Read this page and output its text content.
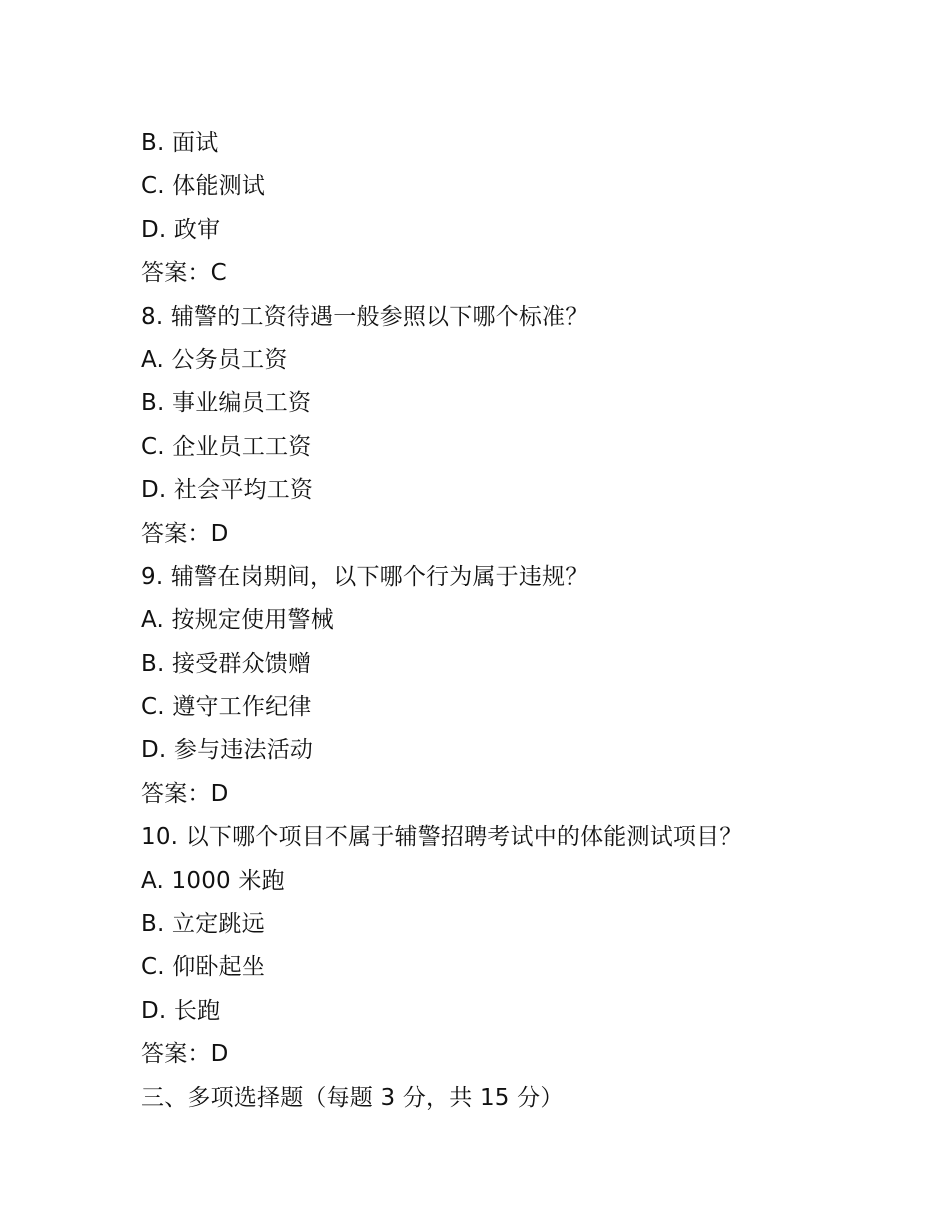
B. 面试
C. 体能测试
D. 政审
答案：C
8. 辅警的工资待遇一般参照以下哪个标准？
A. 公务员工资
B. 事业编员工资
C. 企业员工工资
D. 社会平均工资
答案：D
9. 辅警在岗期间，以下哪个行为属于违规？
A. 按规定使用警械
B. 接受群众馈赠
C. 遵守工作纪律
D. 参与违法活动
答案：D
10. 以下哪个项目不属于辅警招聘考试中的体能测试项目？
A. 1000 米跑
B. 立定跳远
C. 仰卧起坐
D. 长跑
答案：D
三、多项选择题（每题 3 分，共 15 分）
